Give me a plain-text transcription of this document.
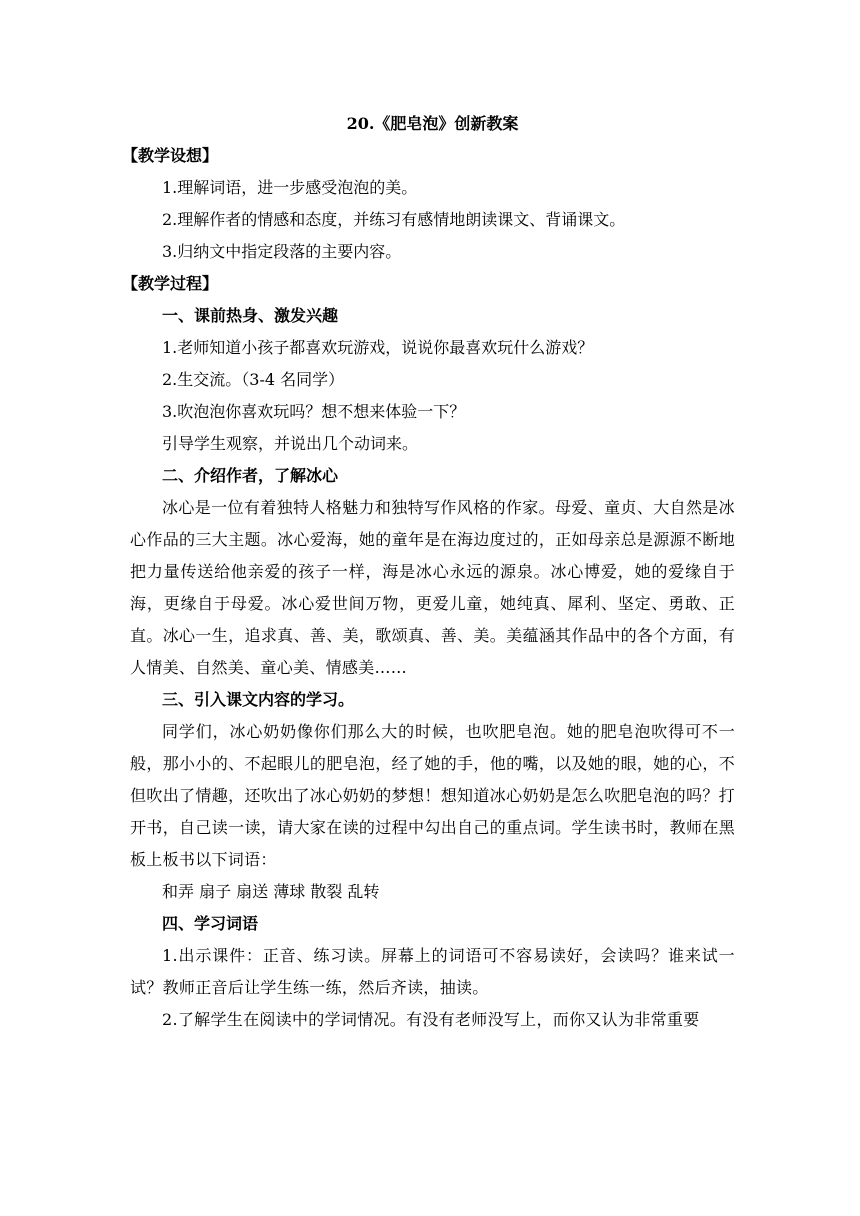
20.《肥皂泡》创新教案

【教学设想】

1.理解词语，进一步感受泡泡的美。

2.理解作者的情感和态度，并练习有感情地朗读课文、背诵课文。

3.归纳文中指定段落的主要内容。

【教学过程】

一、课前热身、激发兴趣

1.老师知道小孩子都喜欢玩游戏，说说你最喜欢玩什么游戏？

2.生交流。（3-4 名同学）

3.吹泡泡你喜欢玩吗？想不想来体验一下？

引导学生观察，并说出几个动词来。

二、介绍作者，了解冰心

冰心是一位有着独特人格魅力和独特写作风格的作家。母爱、童贞、大自然是冰心作品的三大主题。冰心爱海，她的童年是在海边度过的，正如母亲总是源源不断地把力量传送给他亲爱的孩子一样，海是冰心永远的源泉。冰心博爱，她的爱缘自于海，更缘自于母爱。冰心爱世间万物，更爱儿童，她纯真、犀利、坚定、勇敢、正直。冰心一生，追求真、善、美，歌颂真、善、美。美蕴涵其作品中的各个方面，有人情美、自然美、童心美、情感美……

三、引入课文内容的学习。

同学们，冰心奶奶像你们那么大的时候，也吹肥皂泡。她的肥皂泡吹得可不一般，那小小的、不起眼儿的肥皂泡，经了她的手，他的嘴，以及她的眼，她的心，不但吹出了情趣，还吹出了冰心奶奶的梦想！想知道冰心奶奶是怎么吹肥皂泡的吗？打开书，自己读一读，请大家在读的过程中勾出自己的重点词。学生读书时，教师在黑板上板书以下词语：

和弄 扇子 扇送 薄球 散裂 乱转

四、学习词语

1.出示课件：正音、练习读。屏幕上的词语可不容易读好，会读吗？谁来试一试？教师正音后让学生练一练，然后齐读，抽读。

2.了解学生在阅读中的学词情况。有没有老师没写上，而你又认为非常重要
